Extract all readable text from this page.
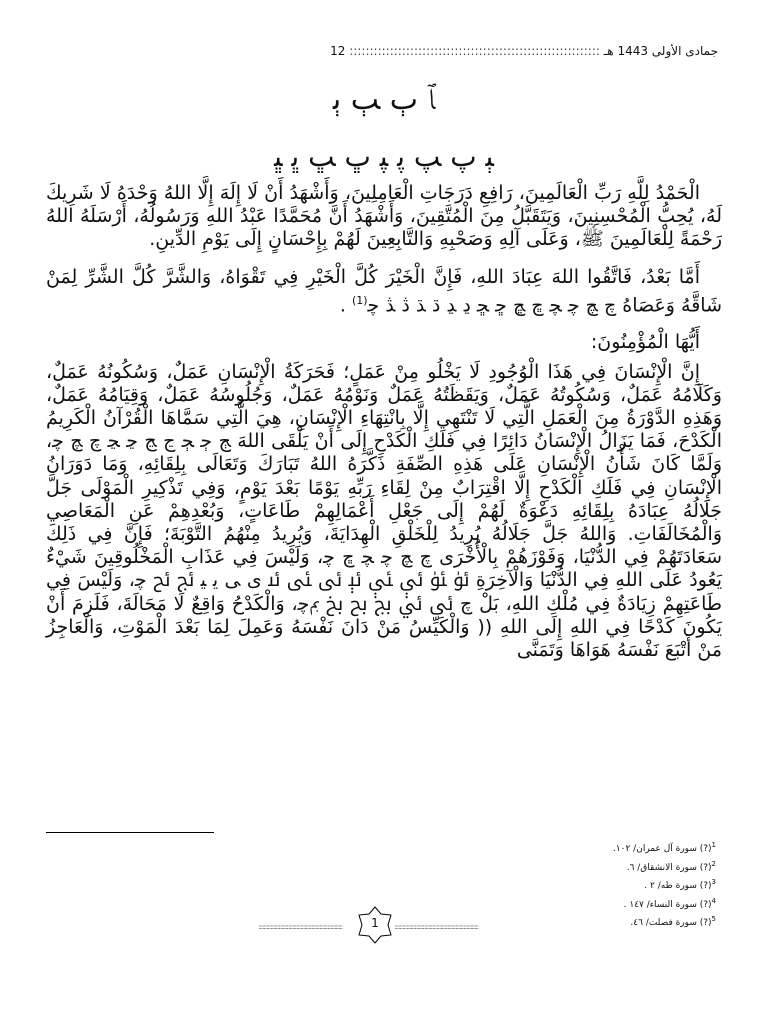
جمادى الأولى 1443 هـ :::::::::::::::::::::::::::::::::::::::::::::::::::::::::::::: 12
ﭑ ﭒ ﭓ ﭔ
ﭕ ﭖ ﭗ ﭘ ﭙ ﭚ ﭛ ﭜ ﭝ

الْحَمْدُ لِلَّهِ رَبِّ الْعَالَمِينَ، رَافِعِ دَرَجَاتِ الْعَامِلِينَ، وَأَشْهَدُ أَنْ لَا إِلَهَ إِلَّا اللهُ وَحْدَهُ لَا شَرِيكَ لَهُ، يُحِبُّ الْمُحْسِنِينَ، وَيَتَقَبَّلُ مِنَ الْمُتَّقِينَ، وَأَشْهَدُ أَنَّ مُحَمَّدًا عَبْدُ اللهِ وَرَسُولُهُ، أَرْسَلَهُ اللهُ رَحْمَةً لِلْعَالَمِينَ ﷺ، وَعَلَى آلِهِ وَصَحْبِهِ وَالتَّابِعِينَ لَهُمْ بِإِحْسَانٍ إِلَى يَوْمِ الدِّينِ.

أَمَّا بَعْدُ، فَاتَّقُوا اللهَ عِبَادَ اللهِ، فَإِنَّ الْخَيْرَ كُلَّ الْخَيْرِ فِي تَقْوَاهُ، وَالشَّرَّ كُلَّ الشَّرِّ لِمَنْ شَاقَّهُ وَعَصَاهُ ﭺ ﭻ ﭼ ﭽ ﭾ ﭿ ﮀ ﮁ ﮂ ﮃ ﮄ ﮅ ﮆ ﮇ ﭼ$^{(1)}$ .

أَيُّهَا الْمُؤْمِنُونَ:

إِنَّ الْإِنْسَانَ فِي هَذَا الْوُجُودِ لَا يَخْلُو مِنْ عَمَلٍ؛ فَحَرَكَةُ الْإِنْسَانِ عَمَلٌ، وَسُكُونُهُ عَمَلٌ، وَكَلَامُهُ عَمَلٌ، وَسُكُوتُهُ عَمَلٌ، وَيَقَظَتُهُ عَمَلٌ وَنَوْمُهُ عَمَلٌ، وَجُلُوسُهُ عَمَلٌ، وَقِيَامُهُ عَمَلٌ، وَهَذِهِ الدَّوْرَةُ مِنَ الْعَمَلِ الَّتِي لَا تَنْتَهِي إِلَّا بِانْتِهَاءِ الْإِنْسَانِ، هِيَ الَّتِي سَمَّاهَا الْقُرْآنُ الْكَرِيمُ الْكَدْحَ، فَمَا يَزَالُ الْإِنْسَانُ دَائِرًا فِي فَلَكِ الْكَدْحِ إِلَى أَنْ يَلْقَى اللهَ ﭳ ﭴ ﭵ ﭶ ﭷ ﭸ ﭹ ﭺ ﭻ ﭼ، وَلَمَّا كَانَ شَأْنُ الْإِنْسَانِ عَلَى هَذِهِ الصِّفَةِ ذَكَّرَهُ اللهُ تَبَارَكَ وَتَعَالَى بِلِقَائِهِ، وَمَا دَوَرَانُ الْإِنْسَانِ فِي فَلَكِ الْكَدْحِ إِلَّا اقْتِرَابٌ مِنْ لِقَاءِ رَبِّهِ يَوْمًا بَعْدَ يَوْمٍ، وَفِي تَذْكِيرِ الْمَوْلَى جَلَّ جَلَالُهُ عِبَادَهُ بِلِقَائِهِ دَعْوَةٌ لَهُمْ إِلَى جَعْلِ أَعْمَالِهِمْ طَاعَاتٍ، وَبُعْدِهِمْ عَنِ الْمَعَاصِي وَالْمُخَالَفَاتِ. وَاللهُ جَلَّ جَلَالُهُ يُرِيدُ لِلْخَلْقِ الْهِدَايَةَ، وَيُرِيدُ مِنْهُمُ التَّوْبَةَ؛ فَإِنَّ فِي ذَلِكَ سَعَادَتَهُمْ فِي الدُّنْيَا، وَفَوْزَهُمْ بِالْأُخْرَى ﭺ ﭻ ﭼ ﭽ ﭾ ﭼ، وَلَيْسَ فِي عَذَابِ الْمَخْلُوقِينَ شَيْءٌ يَعُودُ عَلَى اللهِ فِي الدُّنْيَا وَالْآخِرَةِ ﯴ ﯵ ﯶ ﯷ ﯸ ﯹ ﯺ ﯻ ﯼ ﯽ ﯾ ﯿ ﰀ ﰁ ﭼ، وَلَيْسَ فِي طَاعَتِهِمْ زِيَادَةٌ فِي مُلْكِ اللهِ، بَلْ ﭺ ﰃ ﰄ ﰅ ﰆ ﰇ ﰈﭼ، وَالْكَدْحُ وَاقِعٌ لَا مَحَالَةَ، فَلَزِمَ أَنْ يَكُونَ كَدْحًا فِي اللهِ إِلَى اللهِ (( وَالْكَيِّسُ مَنْ دَانَ نَفْسَهُ وَعَمِلَ لِمَا بَعْدَ الْمَوْتِ، وَالْعَاجِزُ مَنْ أَتْبَعَ نَفْسَهُ هَوَاهَا وَتَمَنَّى

$^1$(?) سورة آل عمران/ ١٠٢.
$^2$(?) سورة الانشقاق/ ٦.
$^3$(?) سورة طه/ ٢ .
$^4$(?) سورة النساء/ ١٤٧ .
$^5$(?) سورة فصلت/ ٤٦.
::::::::::::::::::::::::::::::::::::::::::::::::::::::::::::::	1	::::::::::::::::::::::::::::::::::::::::::::::::::::::::::::::
